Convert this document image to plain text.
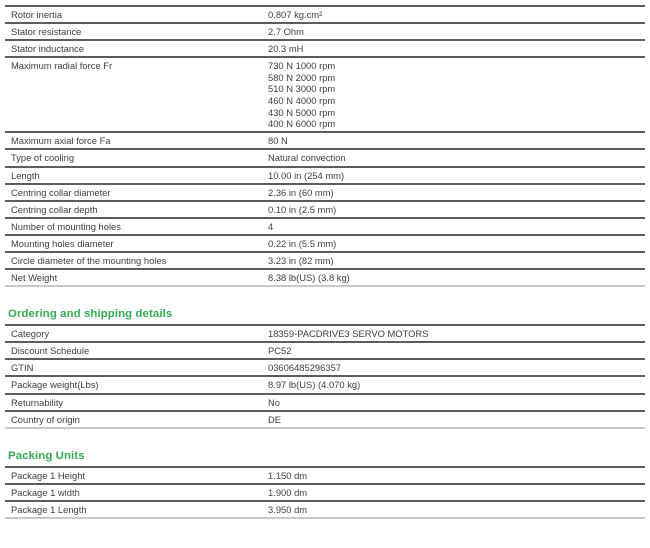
Rotor inertia	0.807 kg.cm²
Stator resistance	2.7 Ohm
Stator inductance	20.3 mH
Maximum radial force Fr	730 N 1000 rpm
580 N 2000 rpm
510 N 3000 rpm
460 N 4000 rpm
430 N 5000 rpm
400 N 6000 rpm
Maximum axial force Fa	80 N
Type of cooling	Natural convection
Length	10.00 in (254 mm)
Centring collar diameter	2.36 in (60 mm)
Centring collar depth	0.10 in (2.5 mm)
Number of mounting holes	4
Mounting holes diameter	0.22 in (5.5 mm)
Circle diameter of the mounting holes	3.23 in (82 mm)
Net Weight	8.38 lb(US) (3.8 kg)
Ordering and shipping details
Category	18359-PACDRIVE3 SERVO MOTORS
Discount Schedule	PC52
GTIN	03606485296357
Package weight(Lbs)	8.97 lb(US) (4.070 kg)
Returnability	No
Country of origin	DE
Packing Units
Package 1 Height	1.150 dm
Package 1 width	1.900 dm
Package 1 Length	3.950 dm
